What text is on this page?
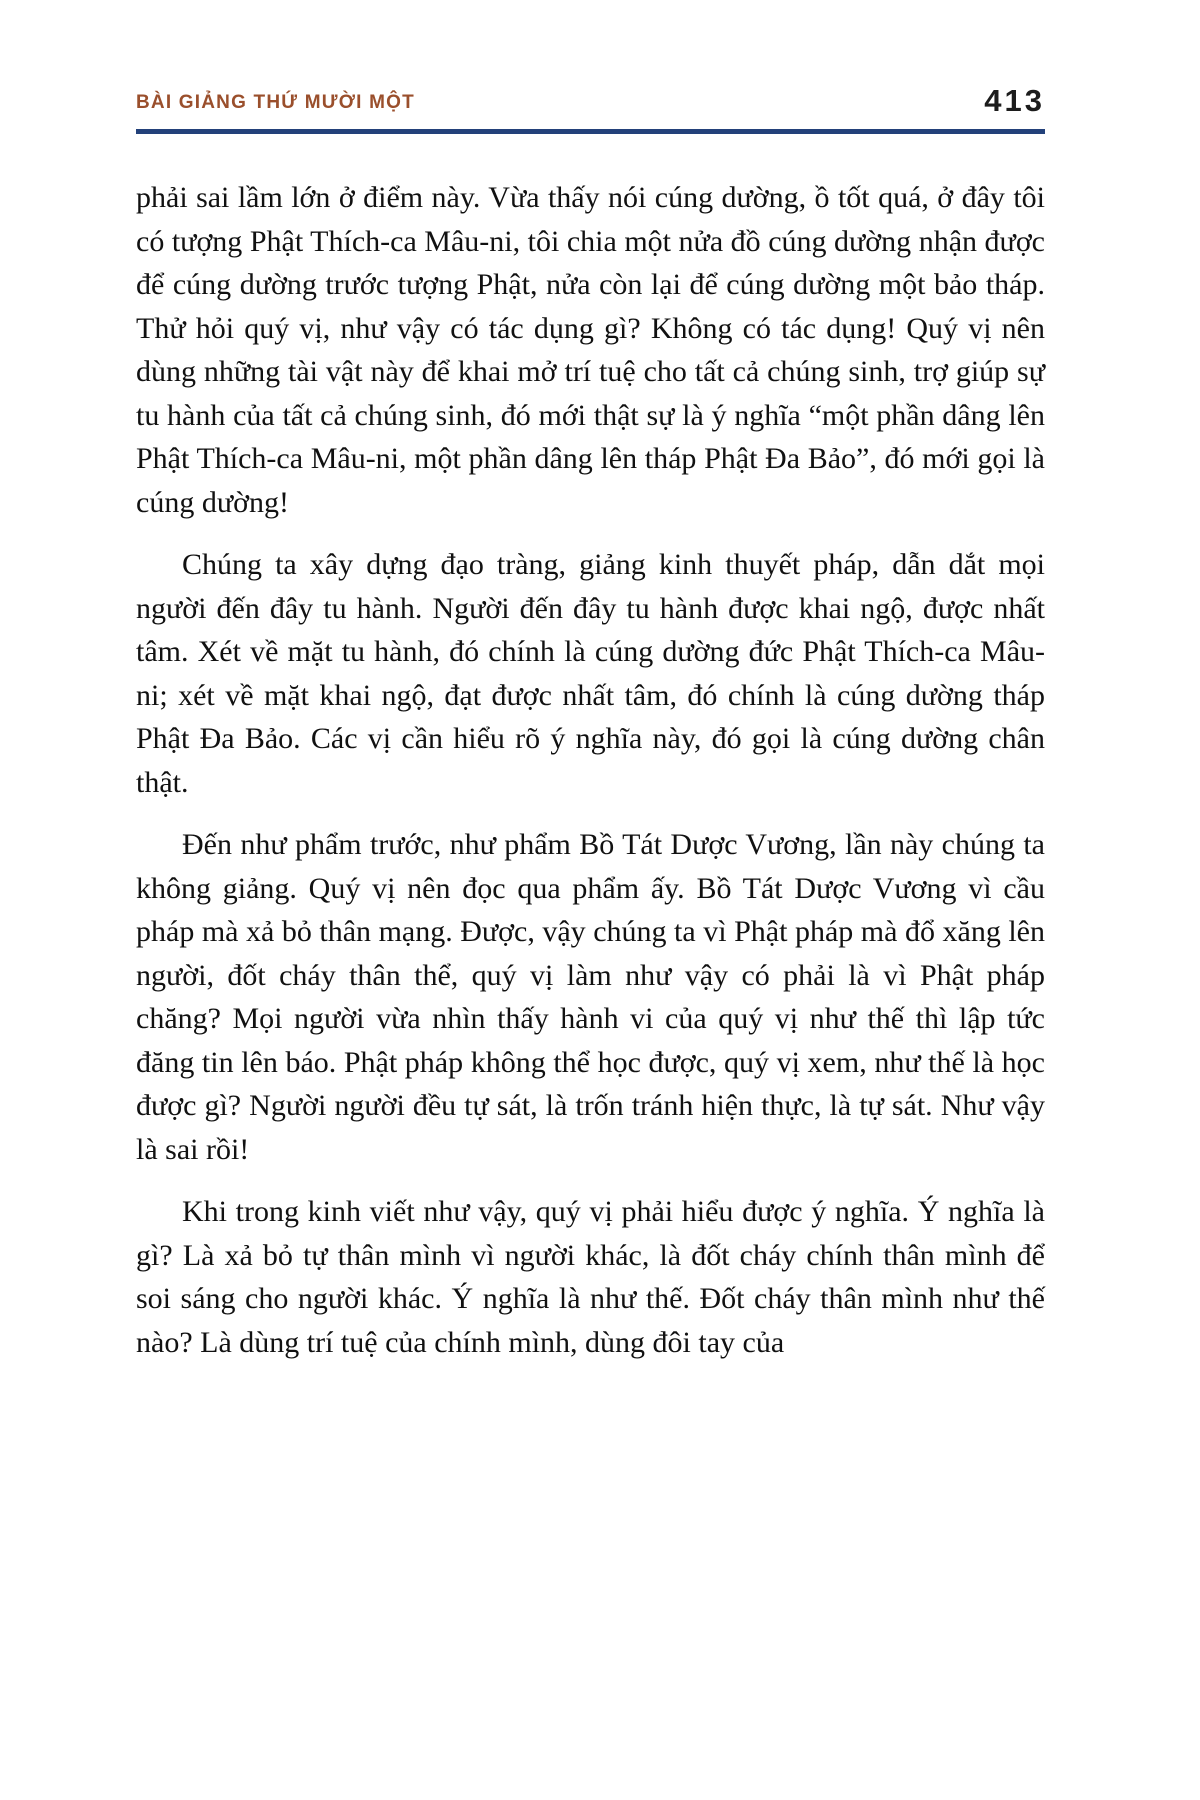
BÀI GIẢNG THỨ MƯỜI MỘT	413

phải sai lầm lớn ở điểm này. Vừa thấy nói cúng dường, ồ tốt quá, ở đây tôi có tượng Phật Thích-ca Mâu-ni, tôi chia một nửa đồ cúng dường nhận được để cúng dường trước tượng Phật, nửa còn lại để cúng dường một bảo tháp. Thử hỏi quý vị, như vậy có tác dụng gì? Không có tác dụng! Quý vị nên dùng những tài vật này để khai mở trí tuệ cho tất cả chúng sinh, trợ giúp sự tu hành của tất cả chúng sinh, đó mới thật sự là ý nghĩa “một phần dâng lên Phật Thích-ca Mâu-ni, một phần dâng lên tháp Phật Đa Bảo”, đó mới gọi là cúng dường!

Chúng ta xây dựng đạo tràng, giảng kinh thuyết pháp, dẫn dắt mọi người đến đây tu hành. Người đến đây tu hành được khai ngộ, được nhất tâm. Xét về mặt tu hành, đó chính là cúng dường đức Phật Thích-ca Mâu-ni; xét về mặt khai ngộ, đạt được nhất tâm, đó chính là cúng dường tháp Phật Đa Bảo. Các vị cần hiểu rõ ý nghĩa này, đó gọi là cúng dường chân thật.

Đến như phẩm trước, như phẩm Bồ Tát Dược Vương, lần này chúng ta không giảng. Quý vị nên đọc qua phẩm ấy. Bồ Tát Dược Vương vì cầu pháp mà xả bỏ thân mạng. Được, vậy chúng ta vì Phật pháp mà đổ xăng lên người, đốt cháy thân thể, quý vị làm như vậy có phải là vì Phật pháp chăng? Mọi người vừa nhìn thấy hành vi của quý vị như thế thì lập tức đăng tin lên báo. Phật pháp không thể học được, quý vị xem, như thế là học được gì? Người người đều tự sát, là trốn tránh hiện thực, là tự sát. Như vậy là sai rồi!

Khi trong kinh viết như vậy, quý vị phải hiểu được ý nghĩa. Ý nghĩa là gì? Là xả bỏ tự thân mình vì người khác, là đốt cháy chính thân mình để soi sáng cho người khác. Ý nghĩa là như thế. Đốt cháy thân mình như thế nào? Là dùng trí tuệ của chính mình, dùng đôi tay của
